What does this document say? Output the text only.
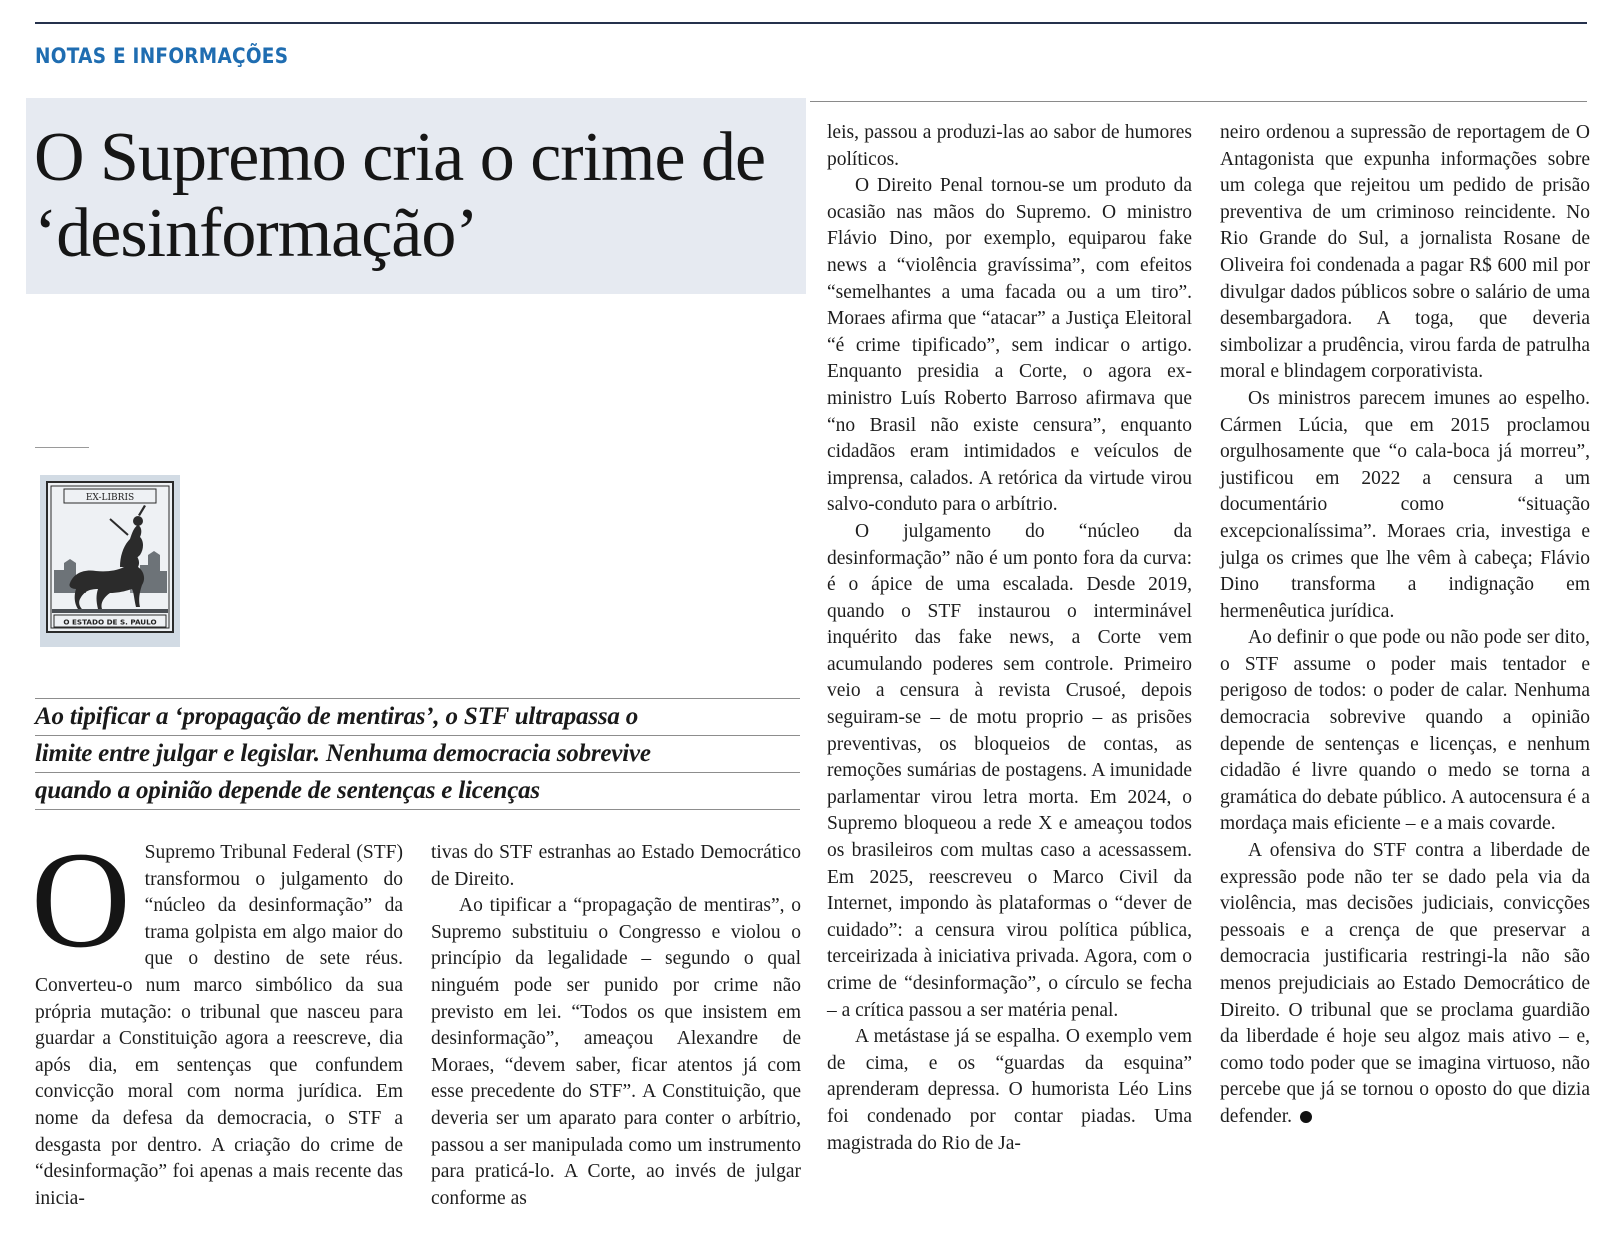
NOTAS E INFORMAÇÕES
O Supremo cria o crime de ‘desinformação’
EX-LIBRIS
O ESTADO DE S. PAULO
Ao tipificar a ‘propagação de mentiras’, o STF ultrapassa o
limite entre julgar e legislar. Nenhuma democracia sobrevive
quando a opinião depende de sentenças e licenças

O Supremo Tribunal Federal (STF) transformou o julgamento do “núcleo da desinformação” da trama golpista em algo maior do que o destino de sete réus. Converteu-o num marco simbólico da sua própria mutação: o tribunal que nasceu para guardar a Constituição agora a reescreve, dia após dia, em sentenças que confundem convicção moral com norma jurídica. Em nome da defesa da democracia, o STF a desgasta por dentro. A criação do crime de “desinformação” foi apenas a mais recente das inicia-

tivas do STF estranhas ao Estado Democrático de Direito.

Ao tipificar a “propagação de mentiras”, o Supremo substituiu o Congresso e violou o princípio da legalidade – segundo o qual ninguém pode ser punido por crime não previsto em lei. “Todos os que insistem em desinformação”, ameaçou Alexandre de Moraes, “devem saber, ficar atentos já com esse precedente do STF”. A Constituição, que deveria ser um aparato para conter o arbítrio, passou a ser manipulada como um instrumento para praticá-lo. A Corte, ao invés de julgar conforme as

leis, passou a produzi-las ao sabor de humores políticos.

O Direito Penal tornou-se um produto da ocasião nas mãos do Supremo. O ministro Flávio Dino, por exemplo, equiparou fake news a “violência gravíssima”, com efeitos “semelhantes a uma facada ou a um tiro”. Moraes afirma que “atacar” a Justiça Eleitoral “é crime tipificado”, sem indicar o artigo. Enquanto presidia a Corte, o agora ex-ministro Luís Roberto Barroso afirmava que “no Brasil não existe censura”, enquanto cidadãos eram intimidados e veículos de imprensa, calados. A retórica da virtude virou salvo-conduto para o arbítrio.

O julgamento do “núcleo da desinformação” não é um ponto fora da curva: é o ápice de uma escalada. Desde 2019, quando o STF instaurou o interminável inquérito das fake news, a Corte vem acumulando poderes sem controle. Primeiro veio a censura à revista Crusoé, depois seguiram-se – de motu proprio – as prisões preventivas, os bloqueios de contas, as remoções sumárias de postagens. A imunidade parlamentar virou letra morta. Em 2024, o Supremo bloqueou a rede X e ameaçou todos os brasileiros com multas caso a acessassem. Em 2025, reescreveu o Marco Civil da Internet, impondo às plataformas o “dever de cuidado”: a censura virou política pública, terceirizada à iniciativa privada. Agora, com o crime de “desinformação”, o círculo se fecha – a crítica passou a ser matéria penal.

A metástase já se espalha. O exemplo vem de cima, e os “guardas da esquina” aprenderam depressa. O humorista Léo Lins foi condenado por contar piadas. Uma magistrada do Rio de Ja-

neiro ordenou a supressão de reportagem de O Antagonista que expunha informações sobre um colega que rejeitou um pedido de prisão preventiva de um criminoso reincidente. No Rio Grande do Sul, a jornalista Rosane de Oliveira foi condenada a pagar R$ 600 mil por divulgar dados públicos sobre o salário de uma desembargadora. A toga, que deveria simbolizar a prudência, virou farda de patrulha moral e blindagem corporativista.

Os ministros parecem imunes ao espelho. Cármen Lúcia, que em 2015 proclamou orgulhosamente que “o cala-boca já morreu”, justificou em 2022 a censura a um documentário como “situação excepcionalíssima”. Moraes cria, investiga e julga os crimes que lhe vêm à cabeça; Flávio Dino transforma a indignação em hermenêutica jurídica.

Ao definir o que pode ou não pode ser dito, o STF assume o poder mais tentador e perigoso de todos: o poder de calar. Nenhuma democracia sobrevive quando a opinião depende de sentenças e licenças, e nenhum cidadão é livre quando o medo se torna a gramática do debate público. A autocensura é a mordaça mais eficiente – e a mais covarde.

A ofensiva do STF contra a liberdade de expressão pode não ter se dado pela via da violência, mas decisões judiciais, convicções pessoais e a crença de que preservar a democracia justificaria restringi-la não são menos prejudiciais ao Estado Democrático de Direito. O tribunal que se proclama guardião da liberdade é hoje seu algoz mais ativo – e, como todo poder que se imagina virtuoso, não percebe que já se tornou o oposto do que dizia defender.
